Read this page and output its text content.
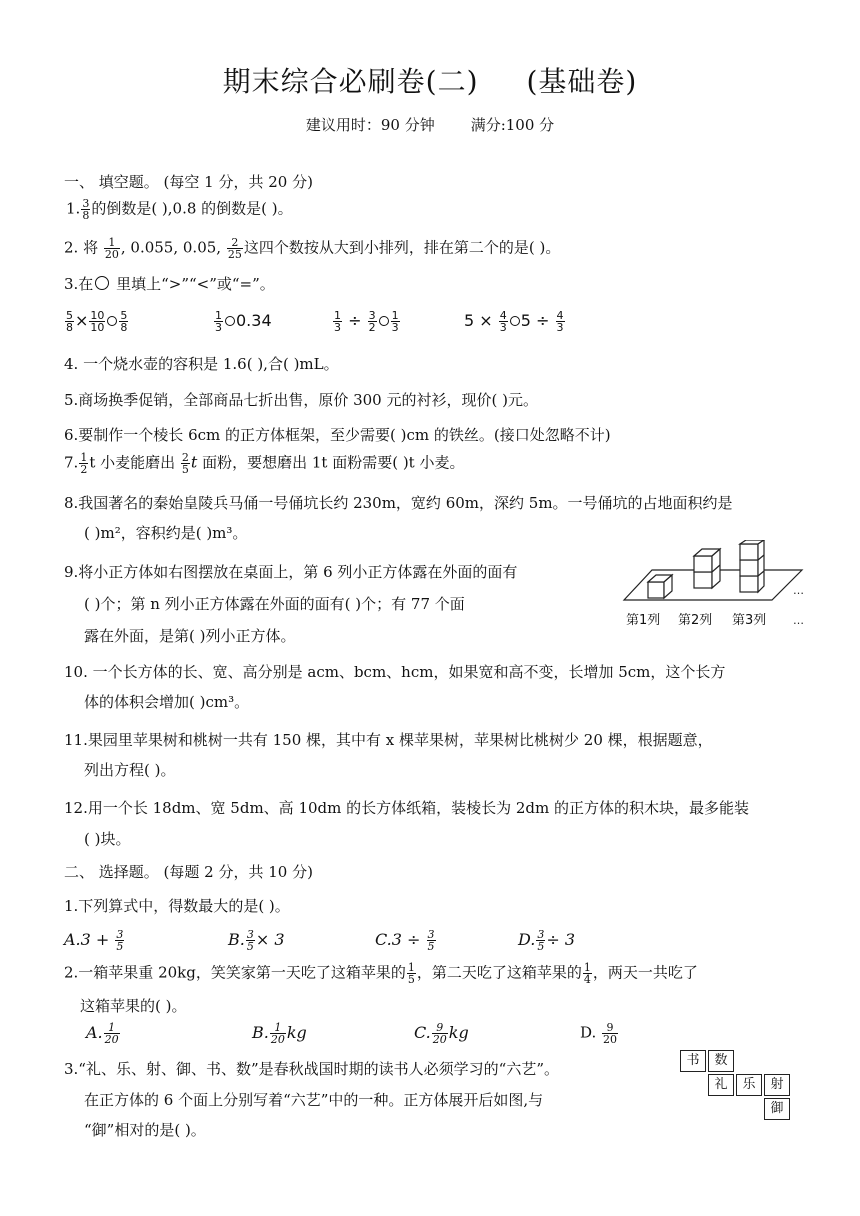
期末综合必刷卷(二) (基础卷)
建议用时：90 分钟 满分:100 分
一、 填空题。 (每空 1 分，共 20 分)
1. $\frac{3}{8}$ 的倒数是( ),0.8 的倒数是( )。
2. 将 $\frac{1}{20}$ , 0.055, 0.05, $\frac{2}{25}$ 这四个数按从大到小排列，排在第二个的是( )。
3.在 里填上“>”“<”或“=”。
$\frac{5}{8} \times \frac{10}{10} \frac{5}{8}$	$\frac{1}{3} 0.34$	$\frac{1}{3} \div \frac{3}{2} \frac{1}{3}$	$5 \times \frac{4}{3} 5 \div \frac{4}{3}$
4. 一个烧水壶的容积是 1.6( ),合( )mL。
5.商场换季促销，全部商品七折出售，原价 300 元的衬衫，现价( )元。
6.要制作一个棱长 6cm 的正方体框架，至少需要( )cm 的铁丝。(接口处忽略不计)
7. $\frac{1}{2}$ t 小麦能磨出 $\frac{2}{5}$ t 面粉，要想磨出 1t 面粉需要( )t 小麦。
8.我国著名的秦始皇陵兵马俑一号俑坑长约 230m，宽约 60m，深约 5m。一号俑坑的占地面积约是
( )m²，容积约是( )m³。
9.将小正方体如右图摆放在桌面上，第 6 列小正方体露在外面的面有
( )个；第 n 列小正方体露在外面的面有( )个；有 77 个面
露在外面，是第( )列小正方体。
…
第1列 第2列 第3列 …
10. 一个长方体的长、宽、高分别是 acm、bcm、hcm，如果宽和高不变，长增加 5cm，这个长方
体的体积会增加( )cm³。
11.果园里苹果树和桃树一共有 150 棵，其中有 x 棵苹果树，苹果树比桃树少 20 棵，根据题意，
列出方程( )。
12.用一个长 18dm、宽 5dm、高 10dm 的长方体纸箱，装棱长为 2dm 的正方体的积木块，最多能装
( )块。
二、 选择题。 (每题 2 分，共 10 分)
1.下列算式中，得数最大的是( )。
$A.3 + \frac{3}{5}$	B. $\frac{3}{5} \times 3$	$C.3 \div \frac{3}{5}$	D. $\frac{3}{5} \div 3$
2.一箱苹果重 20kg，笑笑家第一天吃了这箱苹果的 $\frac{1}{5}$ ，第二天吃了这箱苹果的 $\frac{1}{4}$ ，两天一共吃了
这箱苹果的( )。
A. $\frac{1}{20}$	B. $\frac{1}{20}$ kg	C. $\frac{9}{20}$ kg	D. $\frac{9}{20}$
3.“礼、乐、射、御、书、数”是春秋战国时期的读书人必须学习的“六艺”。
在正方体的 6 个面上分别写着“六艺”中的一种。正方体展开后如图,与
“御”相对的是( )。
书	数
礼	乐	射
御
